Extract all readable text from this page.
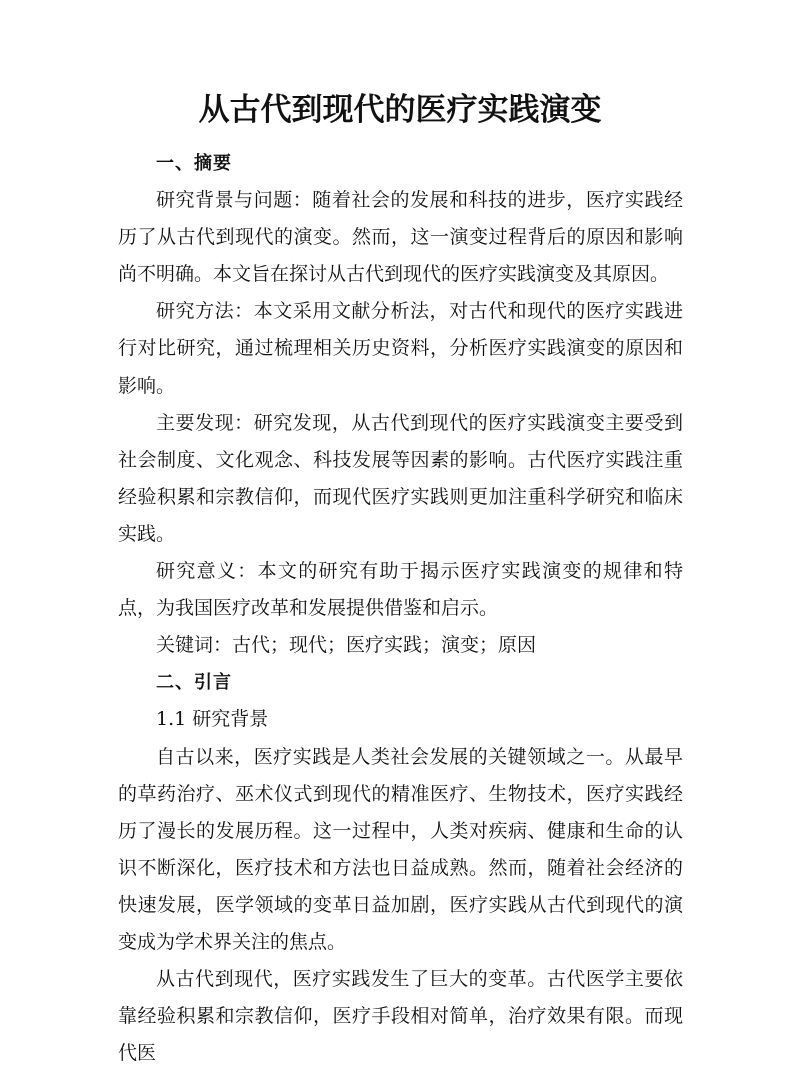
从古代到现代的医疗实践演变

一、摘要

研究背景与问题：随着社会的发展和科技的进步，医疗实践经历了从古代到现代的演变。然而，这一演变过程背后的原因和影响尚不明确。本文旨在探讨从古代到现代的医疗实践演变及其原因。

研究方法：本文采用文献分析法，对古代和现代的医疗实践进行对比研究，通过梳理相关历史资料，分析医疗实践演变的原因和影响。

主要发现：研究发现，从古代到现代的医疗实践演变主要受到社会制度、文化观念、科技发展等因素的影响。古代医疗实践注重经验积累和宗教信仰，而现代医疗实践则更加注重科学研究和临床实践。

研究意义：本文的研究有助于揭示医疗实践演变的规律和特点，为我国医疗改革和发展提供借鉴和启示。

关键词：古代；现代；医疗实践；演变；原因

二、引言

1.1 研究背景

自古以来，医疗实践是人类社会发展的关键领域之一。从最早的草药治疗、巫术仪式到现代的精准医疗、生物技术，医疗实践经历了漫长的发展历程。这一过程中，人类对疾病、健康和生命的认识不断深化，医疗技术和方法也日益成熟。然而，随着社会经济的快速发展，医学领域的变革日益加剧，医疗实践从古代到现代的演变成为学术界关注的焦点。

从古代到现代，医疗实践发生了巨大的变革。古代医学主要依靠经验积累和宗教信仰，医疗手段相对简单，治疗效果有限。而现代医
